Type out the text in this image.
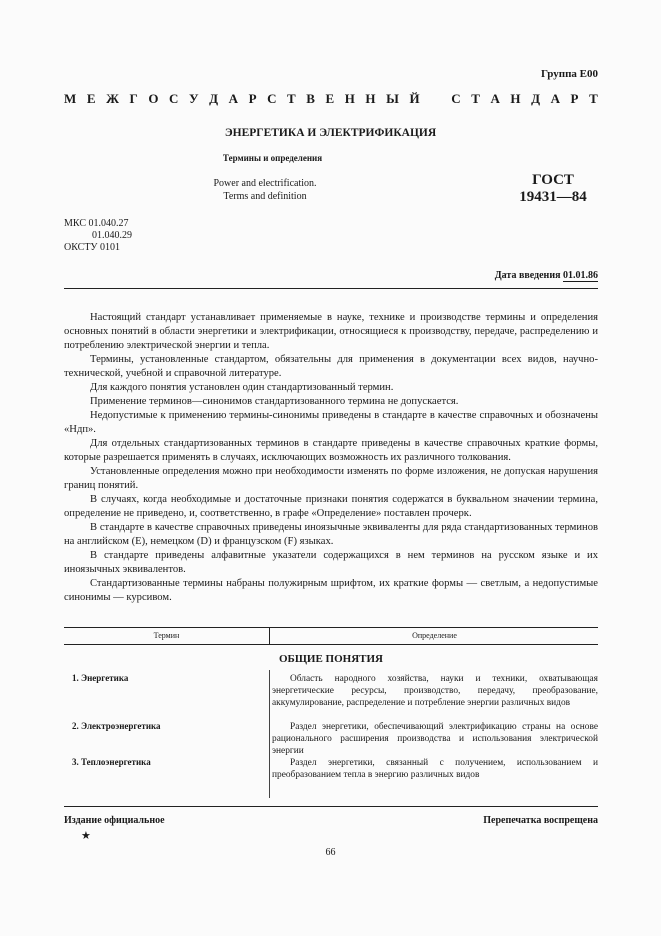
Группа Е00
М Е Ж Г О С У Д А Р С Т В Е Н Н Ы Й С Т А Н Д А Р Т
ЭНЕРГЕТИКА И ЭЛЕКТРИФИКАЦИЯ
Термины и определения
Power and electrification.
Terms and definition
ГОСТ
19431—84
МКС 01.040.27
01.040.29
ОКСТУ 0101
Дата введения 01.01.86

Настоящий стандарт устанавливает применяемые в науке, технике и производстве термины и определения основных понятий в области энергетики и электрификации, относящиеся к производству, передаче, распределению и потреблению электрической энергии и тепла.

Термины, установленные стандартом, обязательны для применения в документации всех видов, научно-технической, учебной и справочной литературе.

Для каждого понятия установлен один стандартизованный термин.

Применение терминов—синонимов стандартизованного термина не допускается.

Недопустимые к применению термины-синонимы приведены в стандарте в качестве справочных и обозначены «Ндп».

Для отдельных стандартизованных терминов в стандарте приведены в качестве справочных краткие формы, которые разрешается применять в случаях, исключающих возможность их различного толкования.

Установленные определения можно при необходимости изменять по форме изложения, не допуская нарушения границ понятий.

В случаях, когда необходимые и достаточные признаки понятия содержатся в буквальном значении термина, определение не приведено, и, соответственно, в графе «Определение» поставлен прочерк.

В стандарте в качестве справочных приведены иноязычные эквиваленты для ряда стандартизованных терминов на английском (Е), немецком (D) и французском (F) языках.

В стандарте приведены алфавитные указатели содержащихся в нем терминов на русском языке и их иноязычных эквивалентов.

Стандартизованные термины набраны полужирным шрифтом, их краткие формы — светлым, а недопустимые синонимы — курсивом.

Термин	Определение
ОБЩИЕ ПОНЯТИЯ
1. Энергетика	Область народного хозяйства, науки и техники, охватывающая энергетические ресурсы, производство, передачу, преобразование, аккумулирование, распределение и потребление энергии различных видов

2. Электроэнергетика	Раздел энергетики, обеспечивающий электрификацию страны на основе рационального расширения производства и использования электрической энергии

3. Теплоэнергетика	Раздел энергетики, связанный с получением, использованием и преобразованием тепла в энергию различных видов

Издание официальное
★
Перепечатка воспрещена
66
